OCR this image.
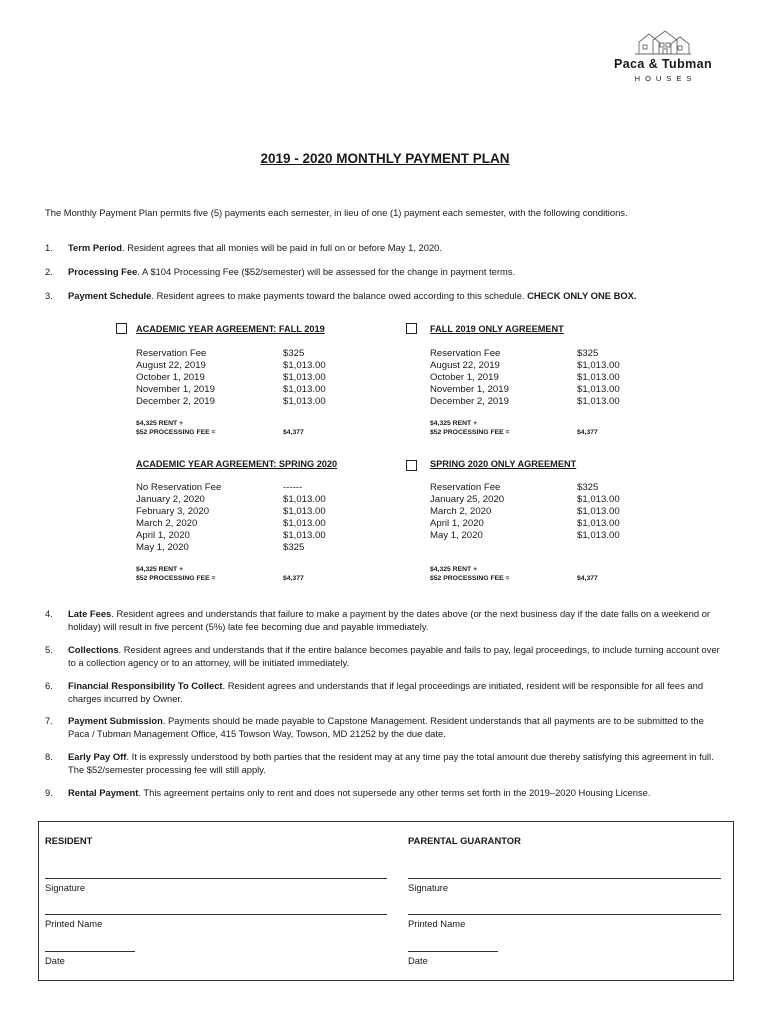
Paca & Tubman
HOUSES
2019 - 2020 MONTHLY PAYMENT PLAN
The Monthly Payment Plan permits five (5) payments each semester, in lieu of one (1) payment each semester, with the following conditions.
1. Term Period. Resident agrees that all monies will be paid in full on or before May 1, 2020.
2. Processing Fee. A $104 Processing Fee ($52/semester) will be assessed for the change in payment terms.
3. Payment Schedule. Resident agrees to make payments toward the balance owed according to this schedule. CHECK ONLY ONE BOX.
ACADEMIC YEAR AGREEMENT: FALL 2019
Reservation Fee	$325
August 22, 2019	$1,013.00
October 1, 2019	$1,013.00
November 1, 2019	$1,013.00
December 2, 2019	$1,013.00
$4,325 RENT +
$52 PROCESSING FEE =	$4,377
FALL 2019 ONLY AGREEMENT
Reservation Fee	$325
August 22, 2019	$1,013.00
October 1, 2019	$1,013.00
November 1, 2019	$1,013.00
December 2, 2019	$1,013.00
$4,325 RENT +
$52 PROCESSING FEE =	$4,377
ACADEMIC YEAR AGREEMENT: SPRING 2020
No Reservation Fee	------
January 2, 2020	$1,013.00
February 3, 2020	$1,013.00
March 2, 2020	$1,013.00
April 1, 2020	$1,013.00
May 1, 2020	$325
$4,325 RENT +
$52 PROCESSING FEE =	$4,377
SPRING 2020 ONLY AGREEMENT
Reservation Fee	$325
January 25, 2020	$1,013.00
March 2, 2020	$1,013.00
April 1, 2020	$1,013.00
May 1, 2020	$1,013.00
$4,325 RENT +
$52 PROCESSING FEE =	$4,377
4. Late Fees. Resident agrees and understands that failure to make a payment by the dates above (or the next business day if the date falls on a weekend or holiday) will result in five percent (5%) late fee becoming due and payable immediately.
5. Collections. Resident agrees and understands that if the entire balance becomes payable and fails to pay, legal proceedings, to include turning account over to a collection agency or to an attorney, will be initiated immediately.
6. Financial Responsibility To Collect. Resident agrees and understands that if legal proceedings are initiated, resident will be responsible for all fees and charges incurred by Owner.
7. Payment Submission. Payments should be made payable to Capstone Management. Resident understands that all payments are to be submitted to the Paca / Tubman Management Office, 415 Towson Way, Towson, MD 21252 by the due date.
8. Early Pay Off. It is expressly understood by both parties that the resident may at any time pay the total amount due thereby satisfying this agreement in full. The $52/semester processing fee will still apply.
9. Rental Payment. This agreement pertains only to rent and does not supersede any other terms set forth in the 2019–2020 Housing License.
RESIDENT
Signature
Printed Name
Date
PARENTAL GUARANTOR
Signature
Printed Name
Date
